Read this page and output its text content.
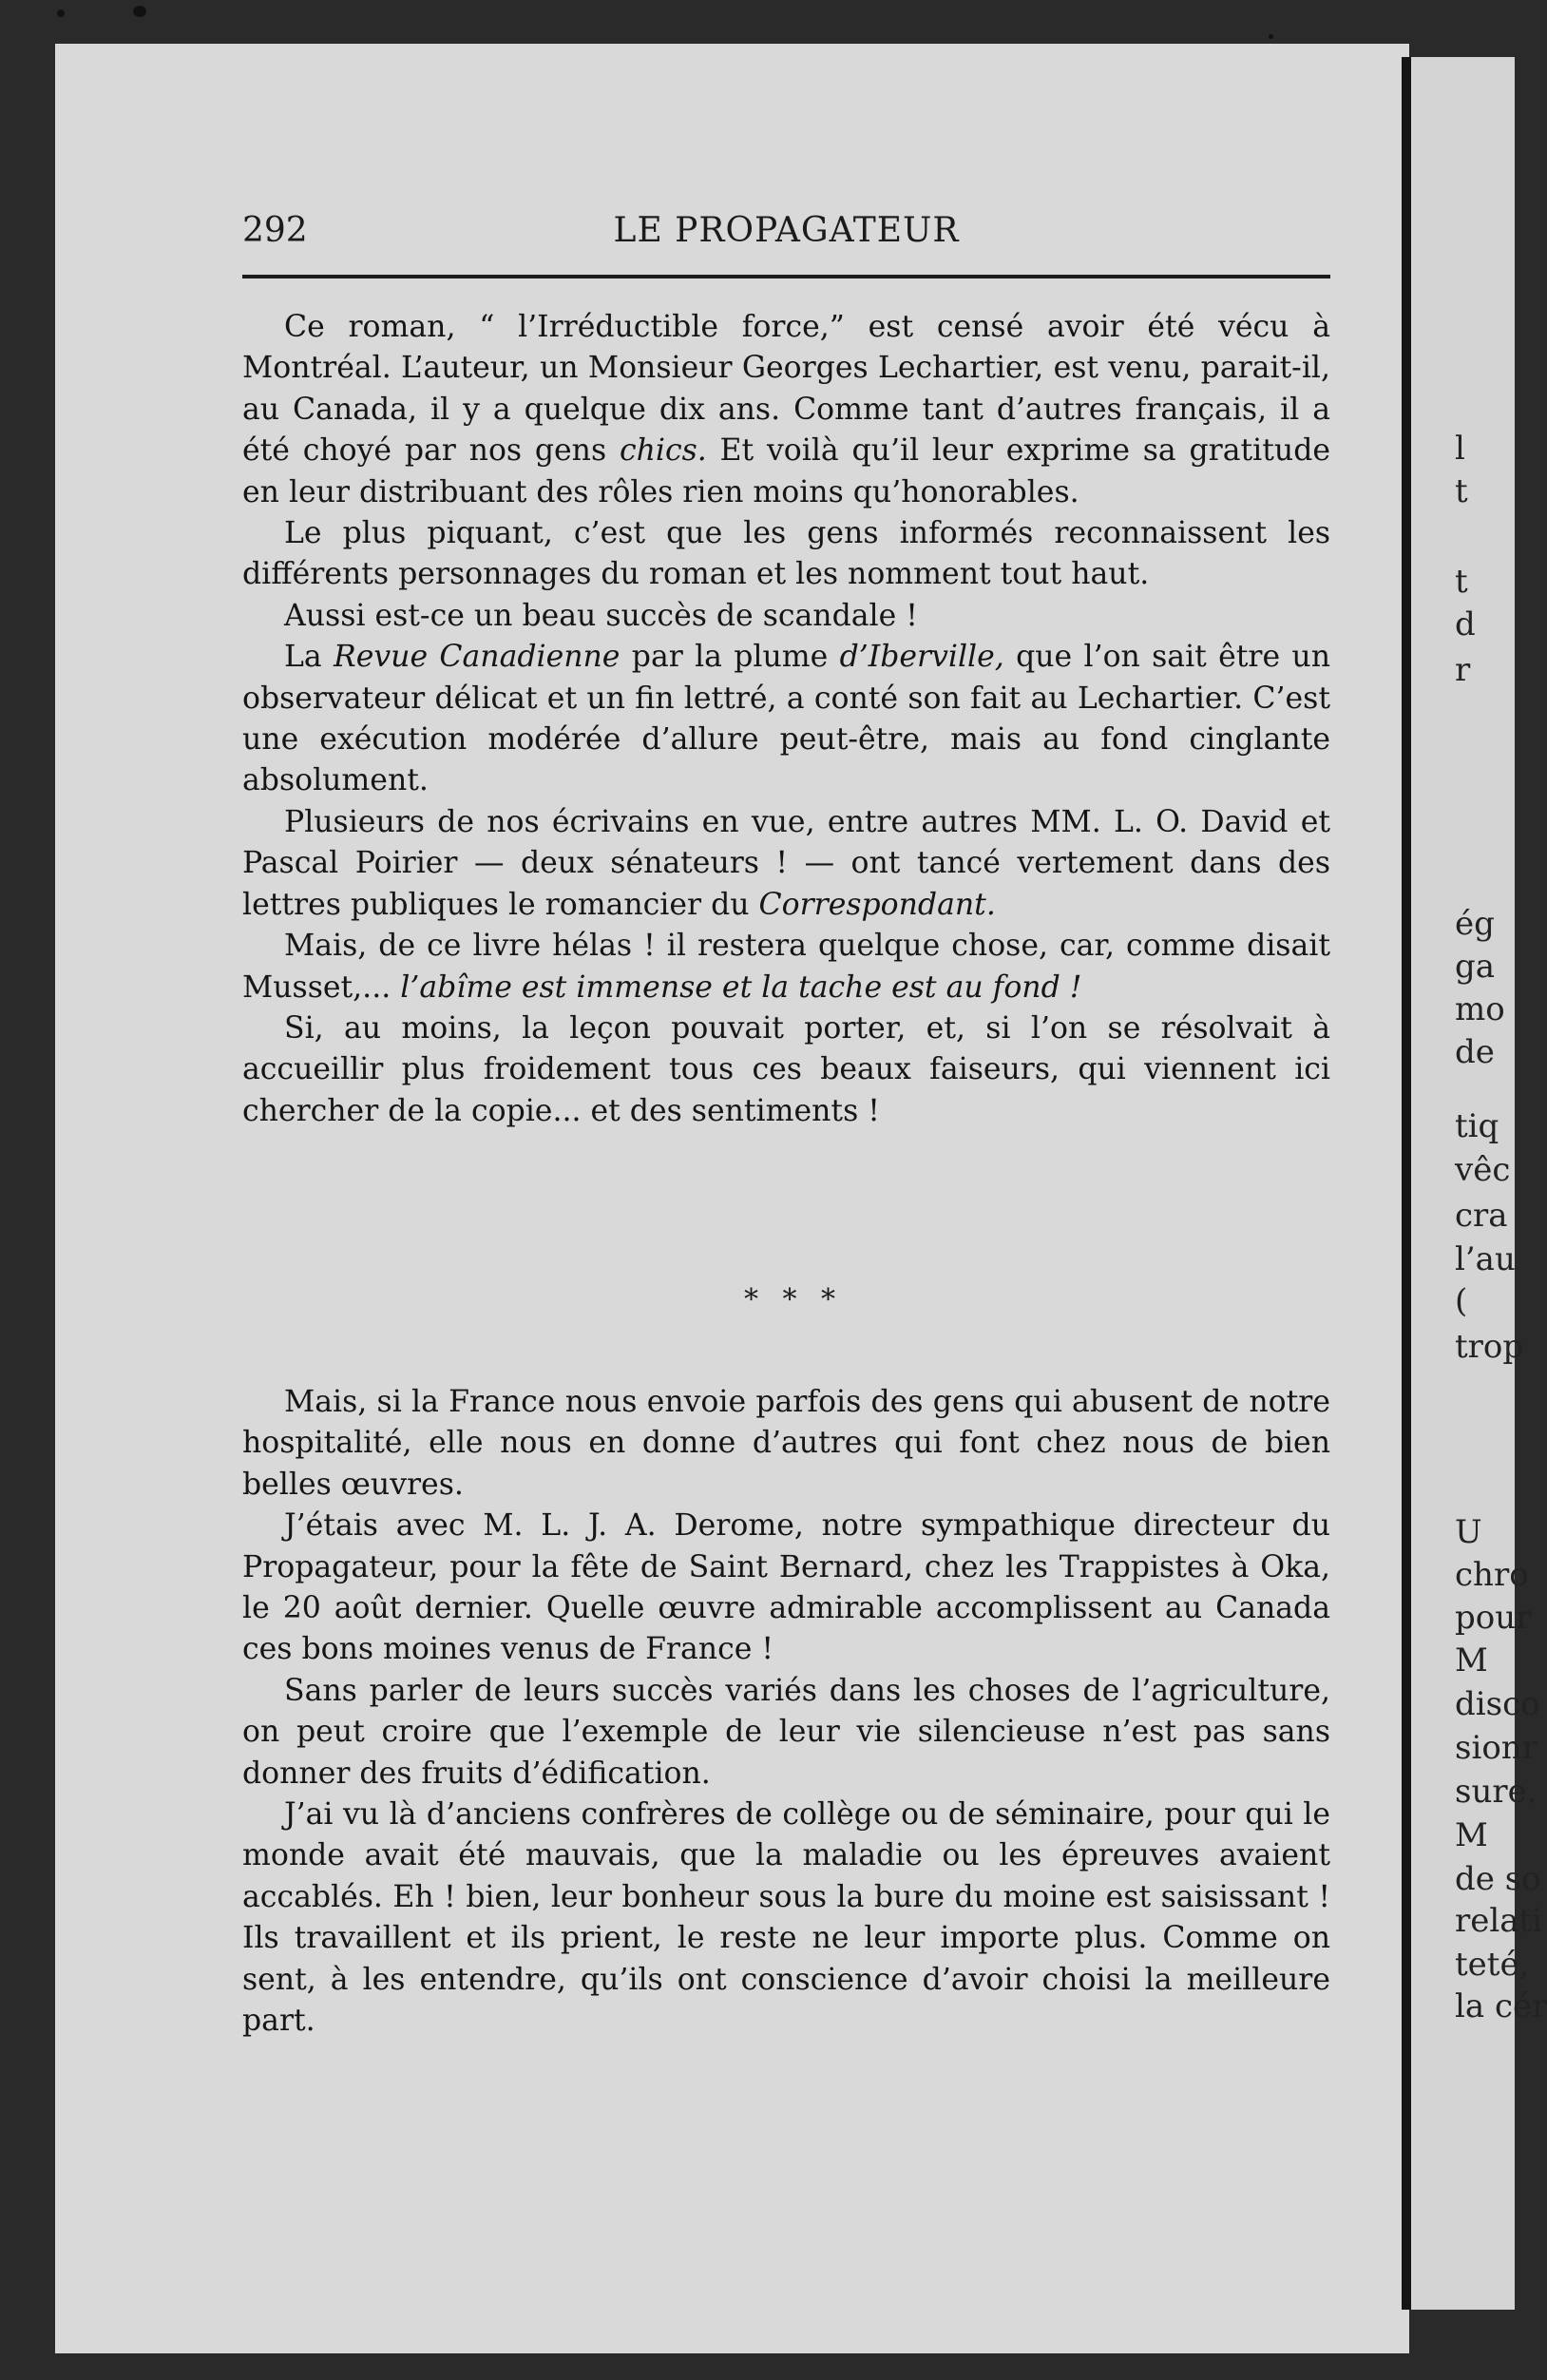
l
t
t
d
r
ég
ga
mo
de
tiq
vêc
cra
l’au
(
trop
U
chro
pour
M
disco
sionr
sure.
M
de so
relati
teté,
la cér
292	LE PROPAGATEUR

Ce roman, “ l’Irréductible force,” est censé avoir été vécu à Montréal. L’auteur, un Monsieur Georges Lechartier, est venu, parait-il, au Canada, il y a quelque dix ans. Comme tant d’autres français, il a été choyé par nos gens chics. Et voilà qu’il leur exprime sa gratitude en leur distribuant des rôles rien moins qu’honorables.

Le plus piquant, c’est que les gens informés reconnaissent les différents personnages du roman et les nomment tout haut.

Aussi est-ce un beau succès de scandale !

La Revue Canadienne par la plume d’Iberville, que l’on sait être un observateur délicat et un fin lettré, a conté son fait au Lechartier. C’est une exécution modérée d’allure peut-être, mais au fond cinglante absolument.

Plusieurs de nos écrivains en vue, entre autres MM. L. O. David et Pascal Poirier — deux sénateurs ! — ont tancé vertement dans des lettres publiques le romancier du Correspondant.

Mais, de ce livre hélas ! il restera quelque chose, car, comme disait Musset,... l’abîme est immense et la tache est au fond !

Si, au moins, la leçon pouvait porter, et, si l’on se résolvait à accueillir plus froidement tous ces beaux faiseurs, qui viennent ici chercher de la copie... et des sentiments !

* * *

Mais, si la France nous envoie parfois des gens qui abusent de notre hospitalité, elle nous en donne d’autres qui font chez nous de bien belles œuvres.

J’étais avec M. L. J. A. Derome, notre sympathique directeur du Propagateur, pour la fête de Saint Bernard, chez les Trappistes à Oka, le 20 août dernier. Quelle œuvre admirable accomplissent au Canada ces bons moines venus de France !

Sans parler de leurs succès variés dans les choses de l’agriculture, on peut croire que l’exemple de leur vie silencieuse n’est pas sans donner des fruits d’édification.

J’ai vu là d’anciens confrères de collège ou de séminaire, pour qui le monde avait été mauvais, que la maladie ou les épreuves avaient accablés. Eh ! bien, leur bonheur sous la bure du moine est saisissant ! Ils travaillent et ils prient, le reste ne leur importe plus. Comme on sent, à les entendre, qu’ils ont conscience d’avoir choisi la meilleure part.
